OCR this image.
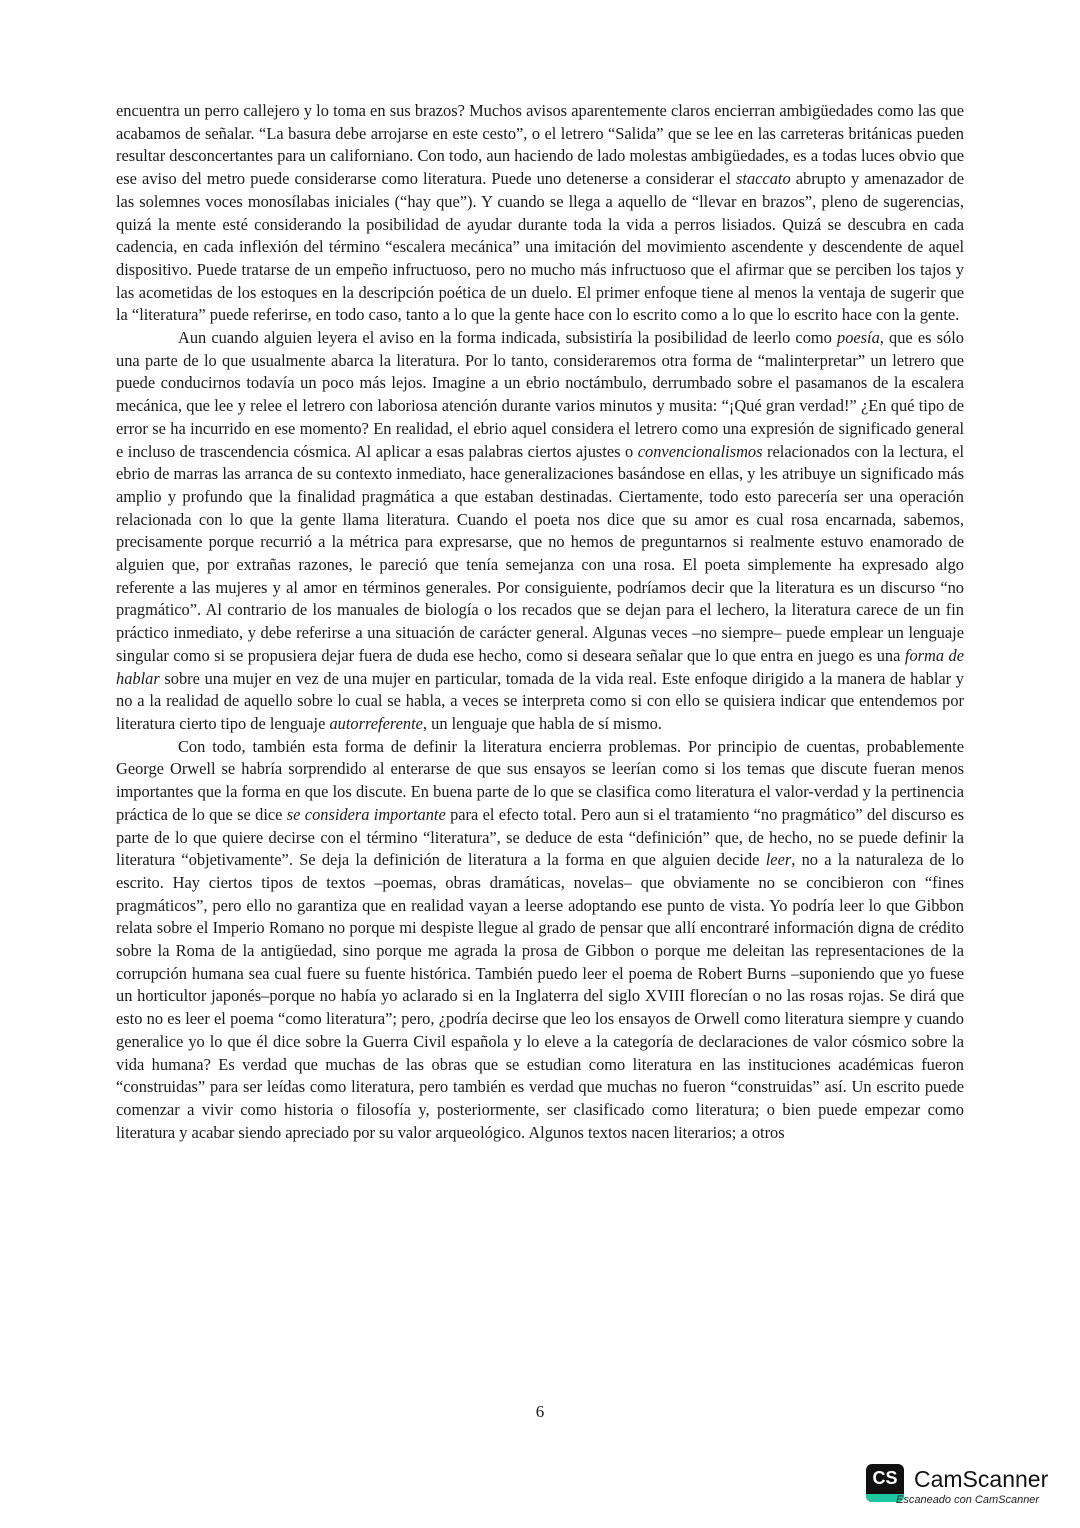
encuentra un perro callejero y lo toma en sus brazos? Muchos avisos aparentemente claros encierran ambigüedades como las que acabamos de señalar. “La basura debe arrojarse en este cesto”, o el letrero “Salida” que se lee en las carreteras británicas pueden resultar desconcertantes para un californiano. Con todo, aun haciendo de lado molestas ambigüedades, es a todas luces obvio que ese aviso del metro puede considerarse como literatura. Puede uno detenerse a considerar el staccato abrupto y amenazador de las solemnes voces monosílabas iniciales (“hay que”). Y cuando se llega a aquello de “llevar en brazos”, pleno de sugerencias, quizá la mente esté considerando la posibilidad de ayudar durante toda la vida a perros lisiados. Quizá se descubra en cada cadencia, en cada inflexión del término “escalera mecánica” una imitación del movimiento ascendente y descendente de aquel dispositivo. Puede tratarse de un empeño infructuoso, pero no mucho más infructuoso que el afirmar que se perciben los tajos y las acometidas de los estoques en la descripción poética de un duelo. El primer enfoque tiene al menos la ventaja de sugerir que la “literatura” puede referirse, en todo caso, tanto a lo que la gente hace con lo escrito como a lo que lo escrito hace con la gente.

Aun cuando alguien leyera el aviso en la forma indicada, subsistiría la posibilidad de leerlo como poesía, que es sólo una parte de lo que usualmente abarca la literatura. Por lo tanto, consideraremos otra forma de “malinterpretar” un letrero que puede conducirnos todavía un poco más lejos. Imagine a un ebrio noctámbulo, derrumbado sobre el pasamanos de la escalera mecánica, que lee y relee el letrero con laboriosa atención durante varios minutos y musita: “¡Qué gran verdad!” ¿En qué tipo de error se ha incurrido en ese momento? En realidad, el ebrio aquel considera el letrero como una expresión de significado general e incluso de trascendencia cósmica. Al aplicar a esas palabras ciertos ajustes o convencionalismos relacionados con la lectura, el ebrio de marras las arranca de su contexto inmediato, hace generalizaciones basándose en ellas, y les atribuye un significado más amplio y profundo que la finalidad pragmática a que estaban destinadas. Ciertamente, todo esto parecería ser una operación relacionada con lo que la gente llama literatura. Cuando el poeta nos dice que su amor es cual rosa encarnada, sabemos, precisamente porque recurrió a la métrica para expresarse, que no hemos de preguntarnos si realmente estuvo enamorado de alguien que, por extrañas razones, le pareció que tenía semejanza con una rosa. El poeta simplemente ha expresado algo referente a las mujeres y al amor en términos generales. Por consiguiente, podríamos decir que la literatura es un discurso “no pragmático”. Al contrario de los manuales de biología o los recados que se dejan para el lechero, la literatura carece de un fin práctico inmediato, y debe referirse a una situación de carácter general. Algunas veces –no siempre– puede emplear un lenguaje singular como si se propusiera dejar fuera de duda ese hecho, como si deseara señalar que lo que entra en juego es una forma de hablar sobre una mujer en vez de una mujer en particular, tomada de la vida real. Este enfoque dirigido a la manera de hablar y no a la realidad de aquello sobre lo cual se habla, a veces se interpreta como si con ello se quisiera indicar que entendemos por literatura cierto tipo de lenguaje autorreferente, un lenguaje que habla de sí mismo.

Con todo, también esta forma de definir la literatura encierra problemas. Por principio de cuentas, probablemente George Orwell se habría sorprendido al enterarse de que sus ensayos se leerían como si los temas que discute fueran menos importantes que la forma en que los discute. En buena parte de lo que se clasifica como literatura el valor-verdad y la pertinencia práctica de lo que se dice se considera importante para el efecto total. Pero aun si el tratamiento “no pragmático” del discurso es parte de lo que quiere decirse con el término “literatura”, se deduce de esta “definición” que, de hecho, no se puede definir la literatura “objetivamente”. Se deja la definición de literatura a la forma en que alguien decide leer, no a la naturaleza de lo escrito. Hay ciertos tipos de textos –poemas, obras dramáticas, novelas– que obviamente no se concibieron con “fines pragmáticos”, pero ello no garantiza que en realidad vayan a leerse adoptando ese punto de vista. Yo podría leer lo que Gibbon relata sobre el Imperio Romano no porque mi despiste llegue al grado de pensar que allí encontraré información digna de crédito sobre la Roma de la antigüedad, sino porque me agrada la prosa de Gibbon o porque me deleitan las representaciones de la corrupción humana sea cual fuere su fuente histórica. También puedo leer el poema de Robert Burns –suponiendo que yo fuese un horticultor japonés–porque no había yo aclarado si en la Inglaterra del siglo XVIII florecían o no las rosas rojas. Se dirá que esto no es leer el poema “como literatura”; pero, ¿podría decirse que leo los ensayos de Orwell como literatura siempre y cuando generalice yo lo que él dice sobre la Guerra Civil española y lo eleve a la categoría de declaraciones de valor cósmico sobre la vida humana? Es verdad que muchas de las obras que se estudian como literatura en las instituciones académicas fueron “construidas” para ser leídas como literatura, pero también es verdad que muchas no fueron “construidas” así. Un escrito puede comenzar a vivir como historia o filosofía y, posteriormente, ser clasificado como literatura; o bien puede empezar como literatura y acabar siendo apreciado por su valor arqueológico. Algunos textos nacen literarios; a otros

6
CS CamScanner
Escaneado con CamScanner
